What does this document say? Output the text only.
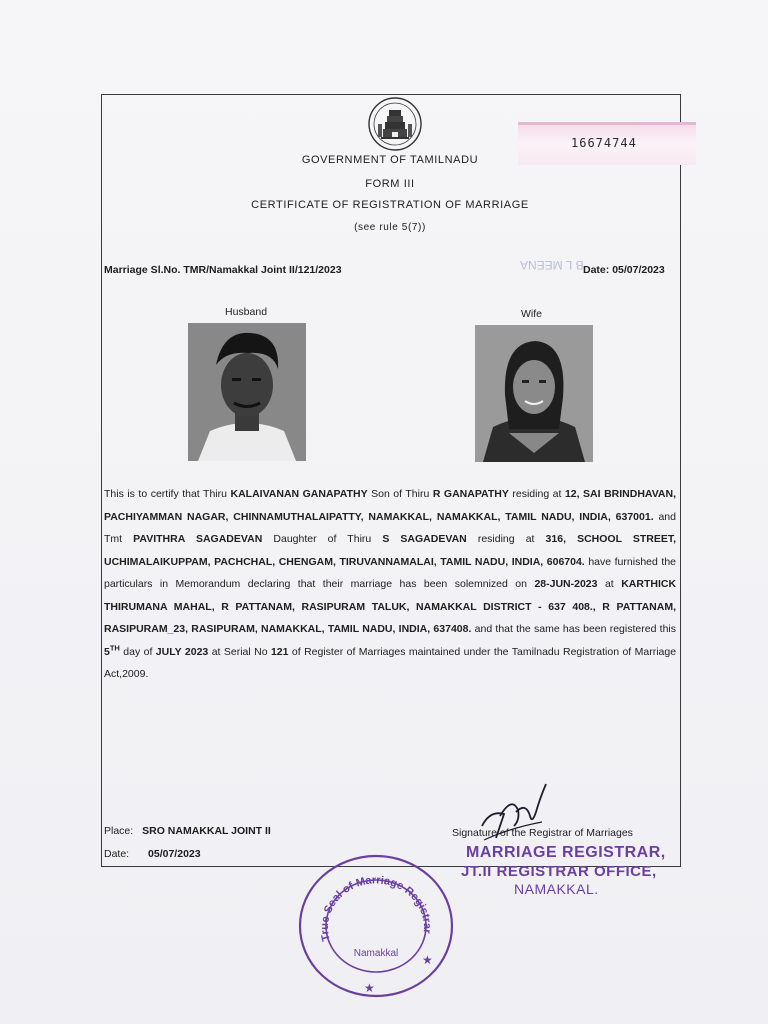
B L MEENA
16674744
GOVERNMENT OF TAMILNADU
FORM III
CERTIFICATE OF REGISTRATION OF MARRIAGE
(see rule 5(7))
Marriage Sl.No. TMR/Namakkal Joint II/121/2023	Date: 05/07/2023
Husband	Wife
This is to certify that Thiru KALAIVANAN GANAPATHY Son of Thiru R GANAPATHY residing at 12, SAI BRINDHAVAN, PACHIYAMMAN NAGAR, CHINNAMUTHALAIPATTY, NAMAKKAL, NAMAKKAL, TAMIL NADU, INDIA, 637001. and Tmt PAVITHRA SAGADEVAN Daughter of Thiru S SAGADEVAN residing at 316, SCHOOL STREET, UCHIMALAIKUPPAM, PACHCHAL, CHENGAM, TIRUVANNAMALAI, TAMIL NADU, INDIA, 606704. have furnished the particulars in Memorandum declaring that their marriage has been solemnized on 28-JUN-2023 at KARTHICK THIRUMANA MAHAL, R PATTANAM, RASIPURAM TALUK, NAMAKKAL DISTRICT - 637 408., R PATTANAM, RASIPURAM_23, RASIPURAM, NAMAKKAL, TAMIL NADU, INDIA, 637408. and that the same has been registered this 5TH day of JULY 2023 at Serial No 121 of Register of Marriages maintained under the Tamilnadu Registration of Marriage Act,2009.
Place: SRO NAMAKKAL JOINT II
Date: 05/07/2023
Signature of the Registrar of Marriages
MARRIAGE REGISTRAR,
JT.II REGISTRAR OFFICE,
NAMAKKAL.
True Seal of Marriage Registrar
Namakkal ★
★
